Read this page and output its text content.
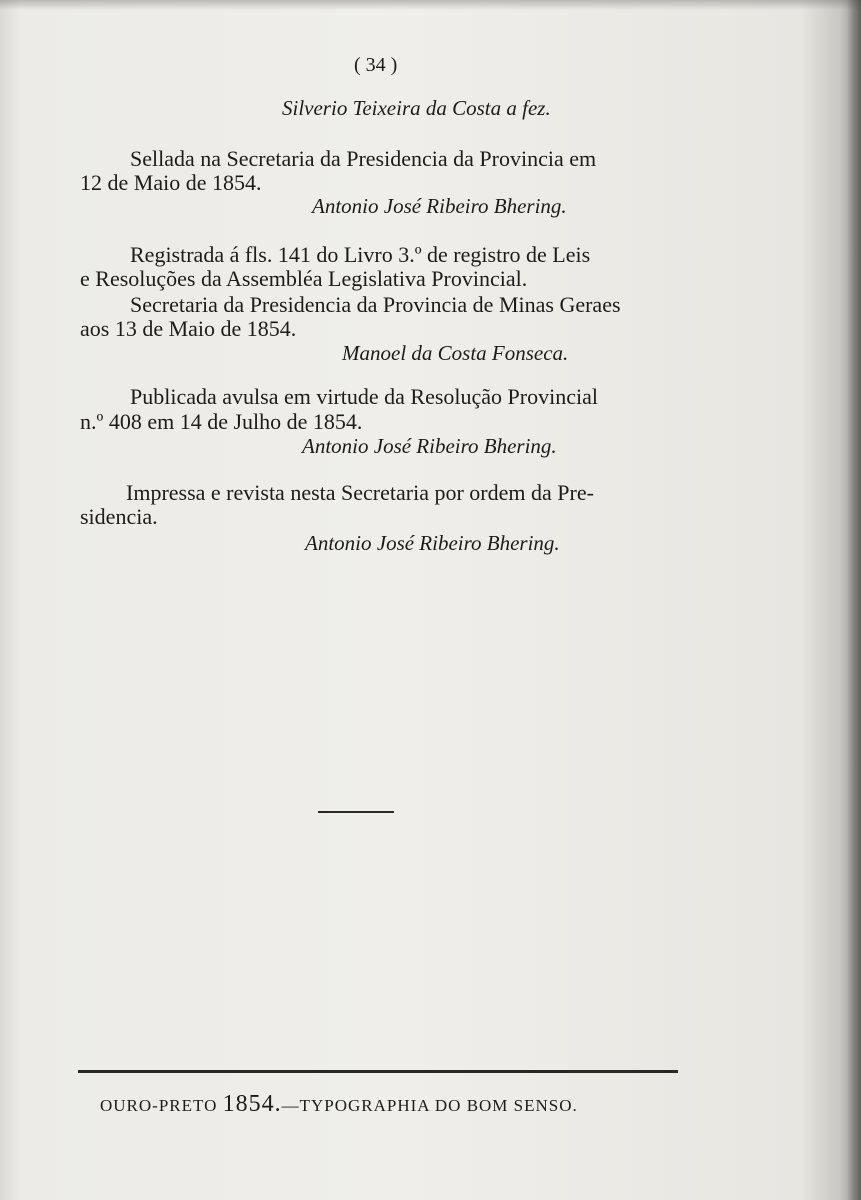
( 34 )
Silverio Teixeira da Costa a fez.
Sellada na Secretaria da Presidencia da Provincia em
12 de Maio de 1854.
Antonio José Ribeiro Bhering.
Registrada á fls. 141 do Livro 3.º de registro de Leis
e Resoluções da Assembléa Legislativa Provincial.
Secretaria da Presidencia da Provincia de Minas Geraes
aos 13 de Maio de 1854.
Manoel da Costa Fonseca.
Publicada avulsa em virtude da Resolução Provincial
n.º 408 em 14 de Julho de 1854.
Antonio José Ribeiro Bhering.
Impressa e revista nesta Secretaria por ordem da Pre-
sidencia.
Antonio José Ribeiro Bhering.
OURO-PRETO 1854.—TYPOGRAPHIA DO BOM SENSO.
